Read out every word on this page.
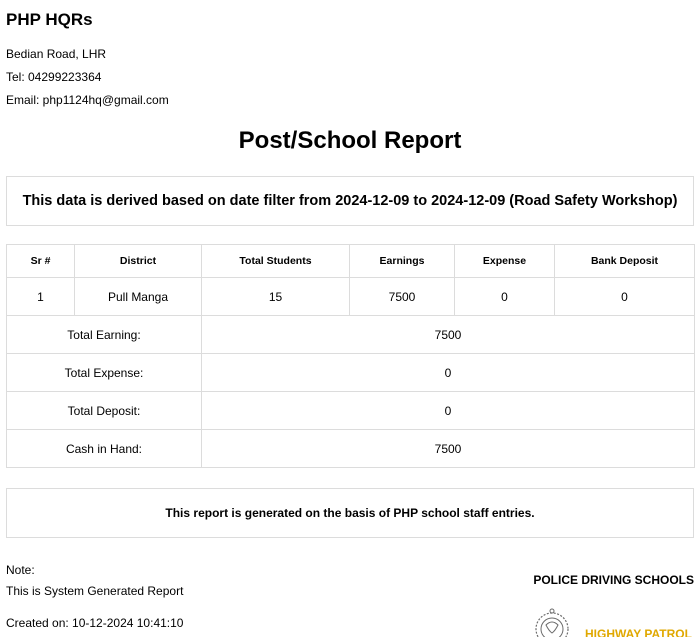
PHP HQRs
Bedian Road, LHR
Tel: 04299223364
Email: php1124hq@gmail.com
Post/School Report
This data is derived based on date filter from 2024-12-09 to 2024-12-09 (Road Safety Workshop)
Sr #	District	Total Students	Earnings	Expense	Bank Deposit
1	Pull Manga	15	7500	0	0
Total Earning:		7500			
Total Expense:		0			
Total Deposit:		0			
Cash in Hand:		7500			
This report is generated on the basis of PHP school staff entries.
Note:
This is System Generated Report
Created on: 10-12-2024 10:41:10
POLICE DRIVING SCHOOLS
HIGHWAY PATROL
